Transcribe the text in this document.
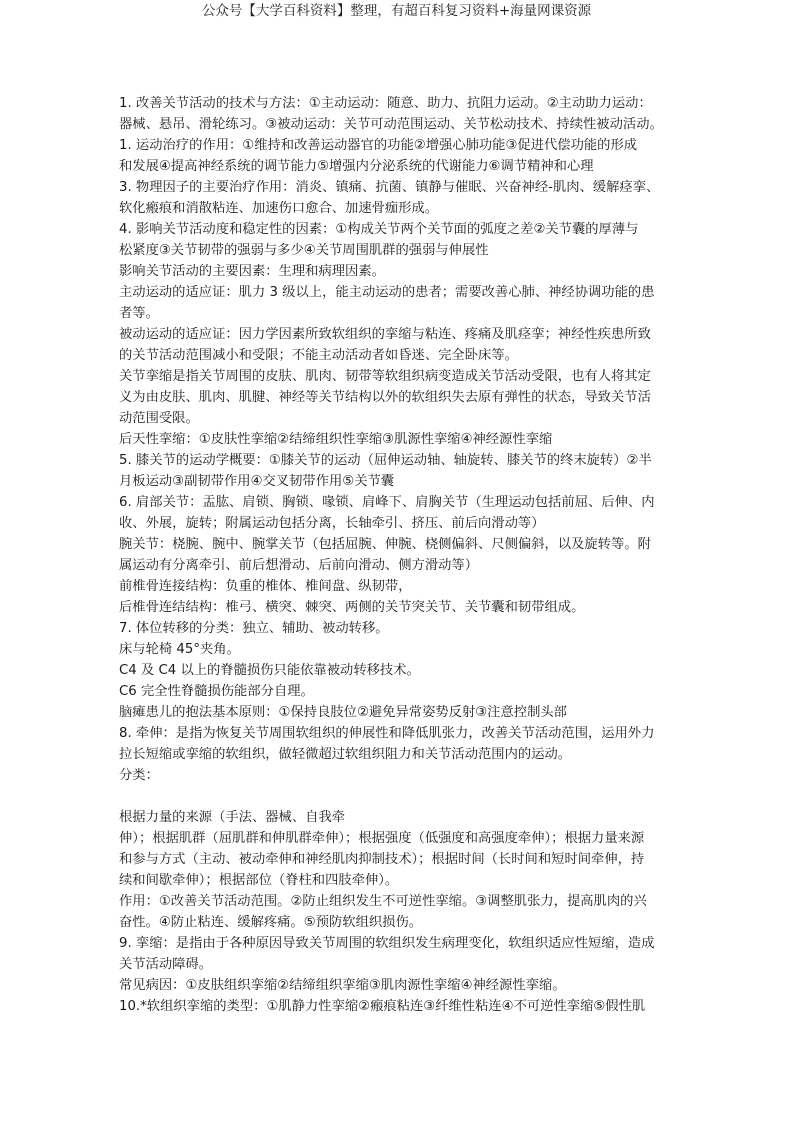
公众号【大学百科资料】整理，有超百科复习资料+海量网课资源
1. 改善关节活动的技术与方法：①主动运动：随意、助力、抗阻力运动。②主动助力运动：
器械、悬吊、滑轮练习。③被动运动：关节可动范围运动、关节松动技术、持续性被动活动。
1. 运动治疗的作用：①维持和改善运动器官的功能②增强心肺功能③促进代偿功能的形成
和发展④提高神经系统的调节能力⑤增强内分泌系统的代谢能力⑥调节精神和心理
3. 物理因子的主要治疗作用：消炎、镇痛、抗菌、镇静与催眠、兴奋神经-肌肉、缓解痉挛、
软化瘢痕和消散粘连、加速伤口愈合、加速骨痂形成。
4. 影响关节活动度和稳定性的因素：①构成关节两个关节面的弧度之差②关节囊的厚薄与
松紧度③关节韧带的强弱与多少④关节周围肌群的强弱与伸展性
影响关节活动的主要因素：生理和病理因素。
主动运动的适应证：肌力 3 级以上，能主动运动的患者；需要改善心肺、神经协调功能的患
者等。
被动运动的适应证：因力学因素所致软组织的挛缩与粘连、疼痛及肌痉挛；神经性疾患所致
的关节活动范围减小和受限；不能主动活动者如昏迷、完全卧床等。
关节挛缩是指关节周围的皮肤、肌肉、韧带等软组织病变造成关节活动受限，也有人将其定
义为由皮肤、肌肉、肌腱、神经等关节结构以外的软组织失去原有弹性的状态，导致关节活
动范围受限。
后天性挛缩：①皮肤性挛缩②结缔组织性挛缩③肌源性挛缩④神经源性挛缩
5. 膝关节的运动学概要：①膝关节的运动（屈伸运动轴、轴旋转、膝关节的终末旋转）②半
月板运动③副韧带作用④交叉韧带作用⑤关节囊
6. 肩部关节：盂肱、肩锁、胸锁、喙锁、肩峰下、肩胸关节（生理运动包括前屈、后伸、内
收、外展，旋转；附属运动包括分离，长轴牵引、挤压、前后向滑动等）
腕关节：桡腕、腕中、腕掌关节（包括屈腕、伸腕、桡侧偏斜、尺侧偏斜，以及旋转等。附
属运动有分离牵引、前后想滑动、后前向滑动、侧方滑动等）
前椎骨连接结构：负重的椎体、椎间盘、纵韧带，
后椎骨连结结构：椎弓、横突、棘突、两侧的关节突关节、关节囊和韧带组成。
7. 体位转移的分类：独立、辅助、被动转移。
床与轮椅 45°夹角。
C4 及 C4 以上的脊髓损伤只能依靠被动转移技术。
C6 完全性脊髓损伤能部分自理。
脑瘫患儿的抱法基本原则：①保持良肢位②避免异常姿势反射③注意控制头部
8. 牵伸：是指为恢复关节周围软组织的伸展性和降低肌张力，改善关节活动范围，运用外力
拉长短缩或挛缩的软组织，做轻微超过软组织阻力和关节活动范围内的运动。
分类：
根据力量的来源（手法、器械、自我牵
伸）；根据肌群（屈肌群和伸肌群牵伸）；根据强度（低强度和高强度牵伸）；根据力量来源
和参与方式（主动、被动牵伸和神经肌肉抑制技术）；根据时间（长时间和短时间牵伸，持
续和间歇牵伸）；根据部位（脊柱和四肢牵伸）。
作用：①改善关节活动范围。②防止组织发生不可逆性挛缩。③调整肌张力，提高肌肉的兴
奋性。④防止粘连、缓解疼痛。⑤预防软组织损伤。
9. 挛缩：是指由于各种原因导致关节周围的软组织发生病理变化，软组织适应性短缩，造成
关节活动障碍。
常见病因：①皮肤组织挛缩②结缔组织挛缩③肌肉源性挛缩④神经源性挛缩。
10.*软组织挛缩的类型：①肌静力性挛缩②瘢痕粘连③纤维性粘连④不可逆性挛缩⑤假性肌
